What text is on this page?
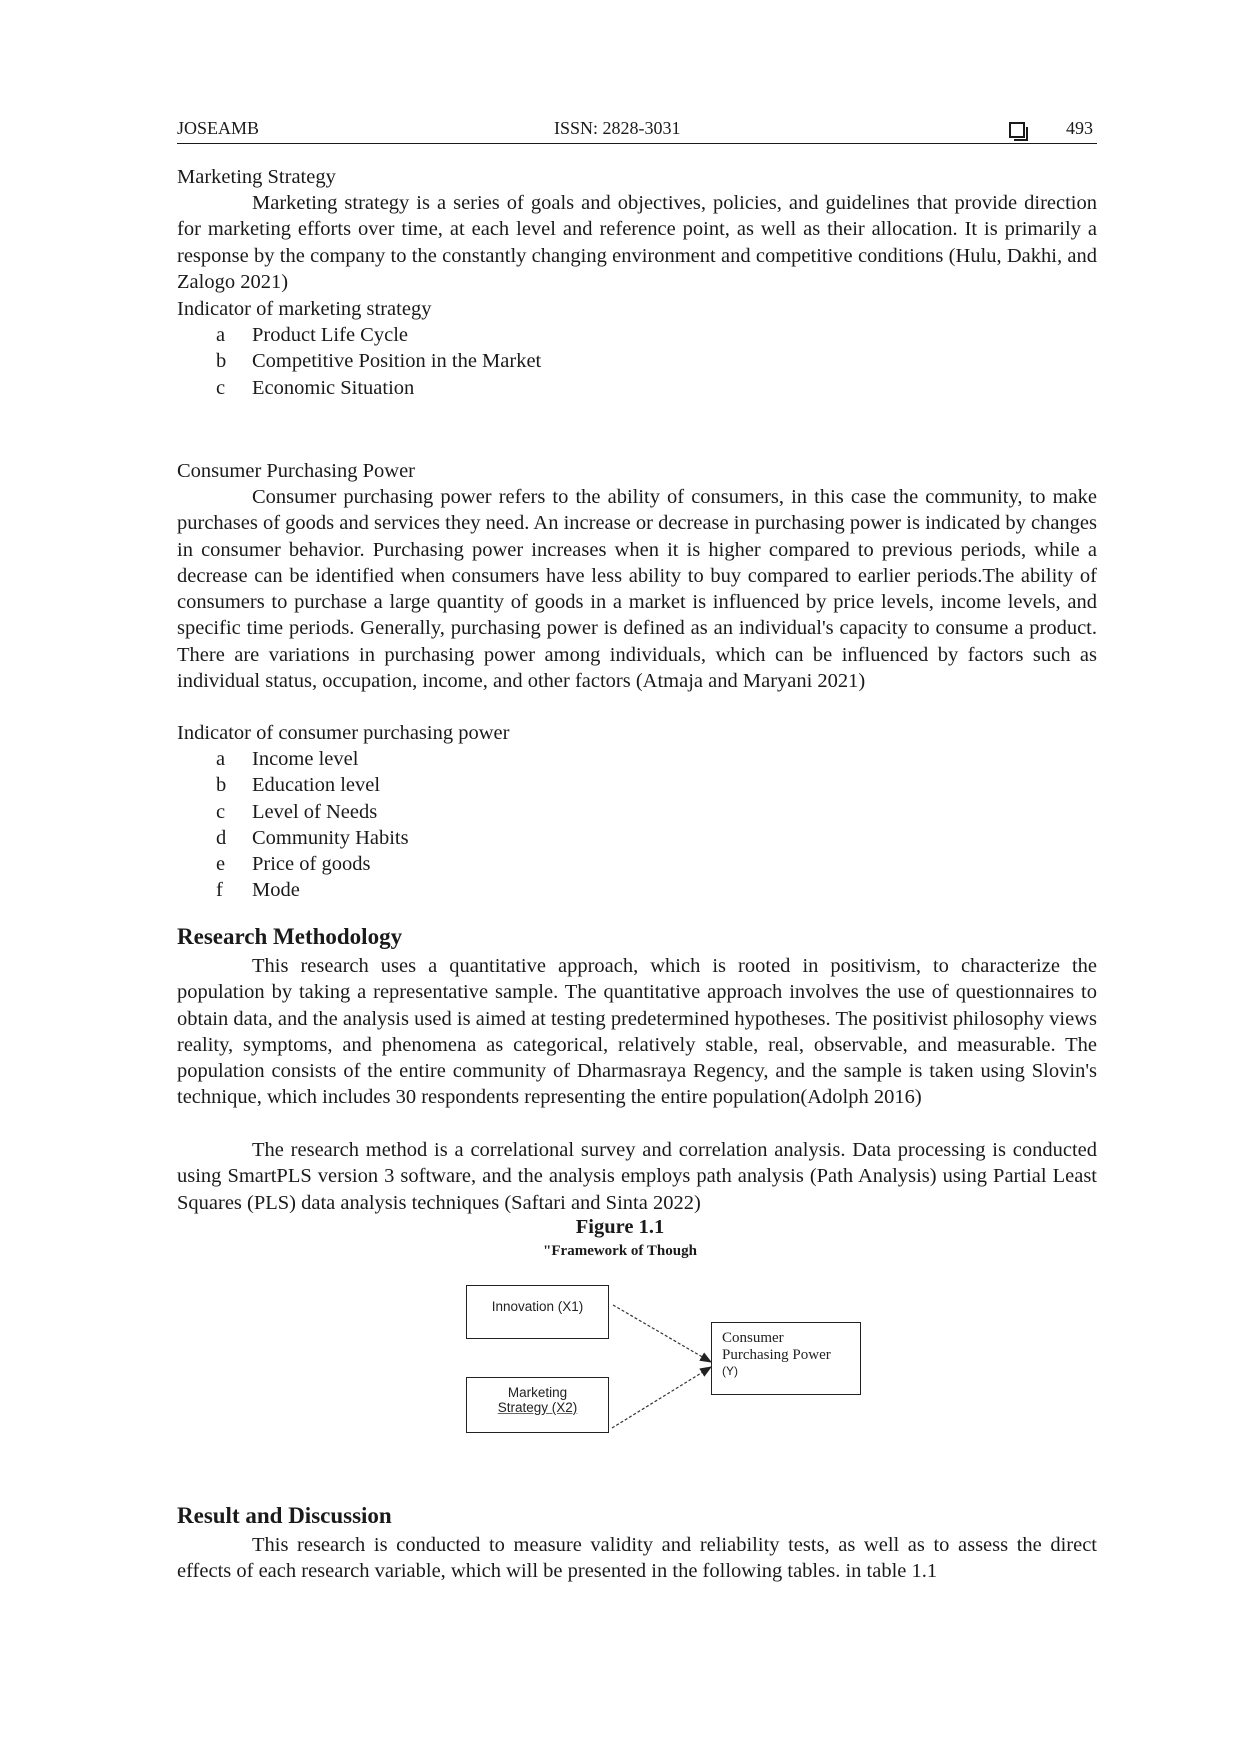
JOSEAMB	ISSN: 2828-3031	493
Marketing Strategy
Marketing strategy is a series of goals and objectives, policies, and guidelines that provide direction for marketing efforts over time, at each level and reference point, as well as their allocation. It is primarily a response by the company to the constantly changing environment and competitive conditions (Hulu, Dakhi, and Zalogo 2021)
Indicator of marketing strategy
a Product Life Cycle
b Competitive Position in the Market
c Economic Situation
Consumer Purchasing Power
Consumer purchasing power refers to the ability of consumers, in this case the community, to make purchases of goods and services they need. An increase or decrease in purchasing power is indicated by changes in consumer behavior. Purchasing power increases when it is higher compared to previous periods, while a decrease can be identified when consumers have less ability to buy compared to earlier periods.The ability of consumers to purchase a large quantity of goods in a market is influenced by price levels, income levels, and specific time periods. Generally, purchasing power is defined as an individual's capacity to consume a product. There are variations in purchasing power among individuals, which can be influenced by factors such as individual status, occupation, income, and other factors (Atmaja and Maryani 2021)
Indicator of consumer purchasing power
a Income level
b Education level
c Level of Needs
d Community Habits
e Price of goods
f Mode
Research Methodology
This research uses a quantitative approach, which is rooted in positivism, to characterize the population by taking a representative sample. The quantitative approach involves the use of questionnaires to obtain data, and the analysis used is aimed at testing predetermined hypotheses. The positivist philosophy views reality, symptoms, and phenomena as categorical, relatively stable, real, observable, and measurable. The population consists of the entire community of Dharmasraya Regency, and the sample is taken using Slovin's technique, which includes 30 respondents representing the entire population(Adolph 2016)
The research method is a correlational survey and correlation analysis. Data processing is conducted using SmartPLS version 3 software, and the analysis employs path analysis (Path Analysis) using Partial Least Squares (PLS) data analysis techniques (Saftari and Sinta 2022)
Figure 1.1
"Framework of Though
Innovation (X1)
Marketing
Strategy (X2)
Consumer
Purchasing Power
(Y)
Result and Discussion
This research is conducted to measure validity and reliability tests, as well as to assess the direct effects of each research variable, which will be presented in the following tables. in table 1.1
